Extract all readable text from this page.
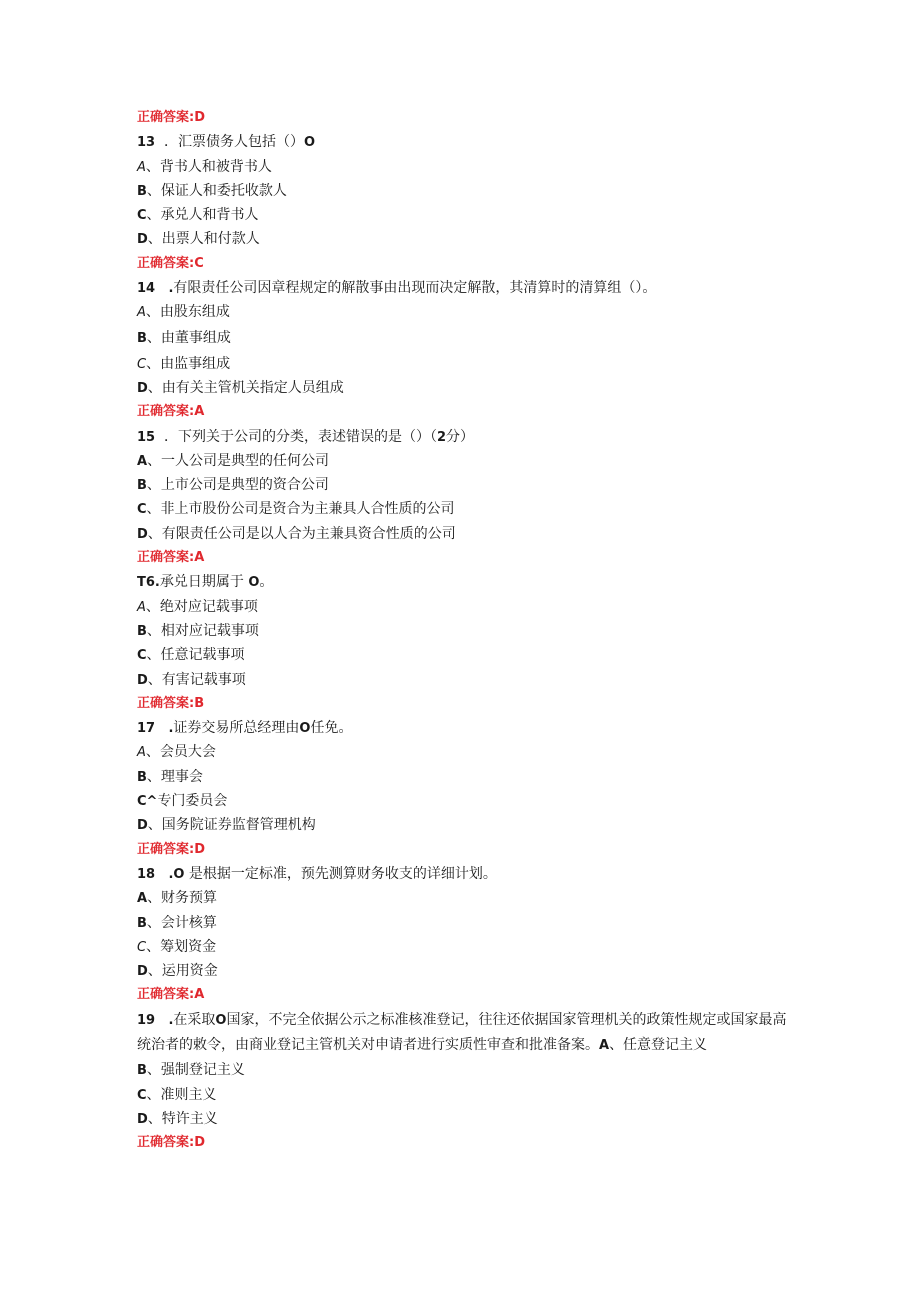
正确答案:D
13 ．汇票债务人包括（）O
A、背书人和被背书人
B、保证人和委托收款人
C、承兑人和背书人
D、出票人和付款人
正确答案:C
14 .有限责任公司因章程规定的解散事由出现而决定解散，其清算时的清算组（）。
A、由股东组成
B、由董事组成
C、由监事组成
D、由有关主管机关指定人员组成
正确答案:A
15 ．下列关于公司的分类，表述错误的是（）（2分）
A、一人公司是典型的任何公司
B、上市公司是典型的资合公司
C、非上市股份公司是资合为主兼具人合性质的公司
D、有限责任公司是以人合为主兼具资合性质的公司
正确答案:A
T6.承兑日期属于 O。
A、绝对应记载事项
B、相对应记载事项
C、任意记载事项
D、有害记载事项
正确答案:B
17 .证券交易所总经理由O任免。
A、会员大会
B、理事会
C^专门委员会
D、国务院证券监督管理机构
正确答案:D
18 .O 是根据一定标准，预先测算财务收支的详细计划。
A、财务预算
B、会计核算
C、筹划资金
D、运用资金
正确答案:A
19 .在采取O国家，不完全依据公示之标准核准登记，往往还依据国家管理机关的政策性规定或国家最高统治者的敕令，由商业登记主管机关对申请者进行实质性审查和批准备案。A、任意登记主义
B、强制登记主义
C、准则主义
D、特许主义
正确答案:D
